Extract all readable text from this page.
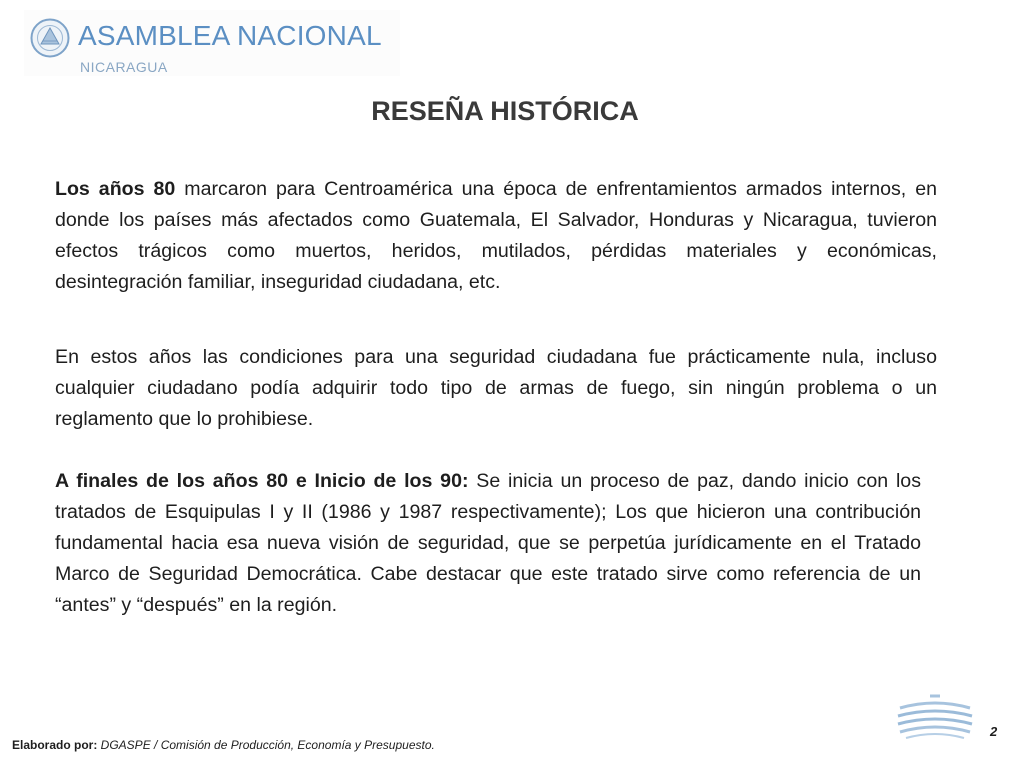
ASAMBLEA NACIONAL
NICARAGUA
RESEÑA HISTÓRICA
Los años 80 marcaron para Centroamérica una época de enfrentamientos armados internos, en donde los países más afectados como Guatemala, El Salvador, Honduras y Nicaragua, tuvieron efectos trágicos como muertos, heridos, mutilados, pérdidas materiales y económicas, desintegración familiar, inseguridad ciudadana, etc.
En estos años las condiciones para una seguridad ciudadana fue prácticamente nula, incluso cualquier ciudadano podía adquirir todo tipo de armas de fuego, sin ningún problema o un reglamento que lo prohibiese.
A finales de los años 80 e Inicio de los 90: Se inicia un proceso de paz, dando inicio con los tratados de Esquipulas I y II (1986 y 1987 respectivamente); Los que hicieron una contribución fundamental hacia esa nueva visión de seguridad, que se perpetúa jurídicamente en el Tratado Marco de Seguridad Democrática. Cabe destacar que este tratado sirve como referencia de un “antes” y “después” en la región.
Elaborado por: DGASPE / Comisión de Producción, Economía y Presupuesto.
2
